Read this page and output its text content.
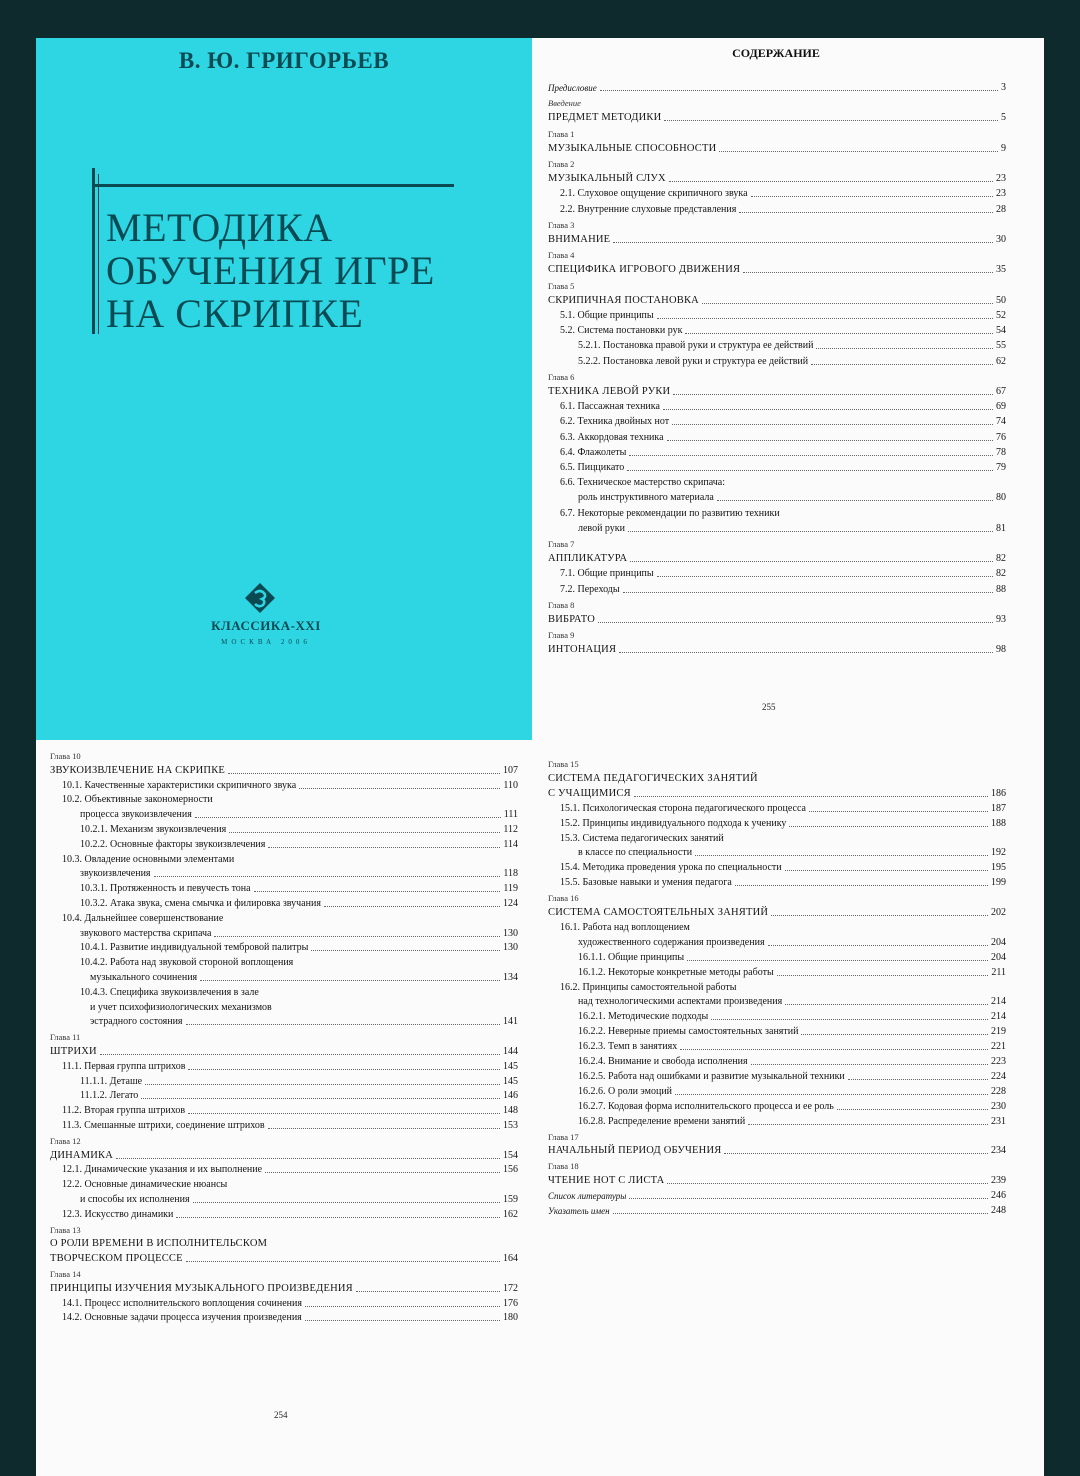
В. Ю. ГРИГОРЬЕВ
МЕТОДИКА
ОБУЧЕНИЯ ИГРЕ
НА СКРИПКЕ
КЛАССИКА-XXI
МОСКВА 2006
СОДЕРЖАНИЕ
Предисловие	3
Введение
ПРЕДМЕТ МЕТОДИКИ	5
Глава 1
МУЗЫКАЛЬНЫЕ СПОСОБНОСТИ	9
Глава 2
МУЗЫКАЛЬНЫЙ СЛУХ	23
2.1. Слуховое ощущение скрипичного звука	23
2.2. Внутренние слуховые представления	28
Глава 3
ВНИМАНИЕ	30
Глава 4
СПЕЦИФИКА ИГРОВОГО ДВИЖЕНИЯ	35
Глава 5
СКРИПИЧНАЯ ПОСТАНОВКА	50
5.1. Общие принципы	52
5.2. Система постановки рук	54
5.2.1. Постановка правой руки и структура ее действий	55
5.2.2. Постановка левой руки и структура ее действий	62
Глава 6
ТЕХНИКА ЛЕВОЙ РУКИ	67
6.1. Пассажная техника	69
6.2. Техника двойных нот	74
6.3. Аккордовая техника	76
6.4. Флажолеты	78
6.5. Пиццикато	79
6.6. Техническое мастерство скрипача:
роль инструктивного материала	80
6.7. Некоторые рекомендации по развитию техники
левой руки	81
Глава 7
АППЛИКАТУРА	82
7.1. Общие принципы	82
7.2. Переходы	88
Глава 8
ВИБРАТО	93
Глава 9
ИНТОНАЦИЯ	98
Глава 10
ЗВУКОИЗВЛЕЧЕНИЕ НА СКРИПКЕ	107
10.1. Качественные характеристики скрипичного звука	110
10.2. Объективные закономерности
процесса звукоизвлечения	111
10.2.1. Механизм звукоизвлечения	112
10.2.2. Основные факторы звукоизвлечения	114
10.3. Овладение основными элементами
звукоизвлечения	118
10.3.1. Протяженность и певучесть тона	119
10.3.2. Атака звука, смена смычка и филировка звучания	124
10.4. Дальнейшее совершенствование
звукового мастерства скрипача	130
10.4.1. Развитие индивидуальной тембровой палитры	130
10.4.2. Работа над звуковой стороной воплощения
музыкального сочинения	134
10.4.3. Специфика звукоизвлечения в зале
и учет психофизиологических механизмов
эстрадного состояния	141
Глава 11
ШТРИХИ	144
11.1. Первая группа штрихов	145
11.1.1. Деташе	145
11.1.2. Легато	146
11.2. Вторая группа штрихов	148
11.3. Смешанные штрихи, соединение штрихов	153
Глава 12
ДИНАМИКА	154
12.1. Динамические указания и их выполнение	156
12.2. Основные динамические нюансы
и способы их исполнения	159
12.3. Искусство динамики	162
Глава 13
О РОЛИ ВРЕМЕНИ В ИСПОЛНИТЕЛЬСКОМ
ТВОРЧЕСКОМ ПРОЦЕССЕ	164
Глава 14
ПРИНЦИПЫ ИЗУЧЕНИЯ МУЗЫКАЛЬНОГО ПРОИЗВЕДЕНИЯ	172
14.1. Процесс исполнительского воплощения сочинения	176
14.2. Основные задачи процесса изучения произведения	180
Глава 15
СИСТЕМА ПЕДАГОГИЧЕСКИХ ЗАНЯТИЙ
С УЧАЩИМИСЯ	186
15.1. Психологическая сторона педагогического процесса	187
15.2. Принципы индивидуального подхода к ученику	188
15.3. Система педагогических занятий
в классе по специальности	192
15.4. Методика проведения урока по специальности	195
15.5. Базовые навыки и умения педагога	199
Глава 16
СИСТЕМА САМОСТОЯТЕЛЬНЫХ ЗАНЯТИЙ	202
16.1. Работа над воплощением
художественного содержания произведения	204
16.1.1. Общие принципы	204
16.1.2. Некоторые конкретные методы работы	211
16.2. Принципы самостоятельной работы
над технологическими аспектами произведения	214
16.2.1. Методические подходы	214
16.2.2. Неверные приемы самостоятельных занятий	219
16.2.3. Темп в занятиях	221
16.2.4. Внимание и свобода исполнения	223
16.2.5. Работа над ошибками и развитие музыкальной техники	224
16.2.6. О роли эмоций	228
16.2.7. Кодовая форма исполнительского процесса и ее роль	230
16.2.8. Распределение времени занятий	231
Глава 17
НАЧАЛЬНЫЙ ПЕРИОД ОБУЧЕНИЯ	234
Глава 18
ЧТЕНИЕ НОТ С ЛИСТА	239
Список литературы	246
Указатель имен	248
255
254
